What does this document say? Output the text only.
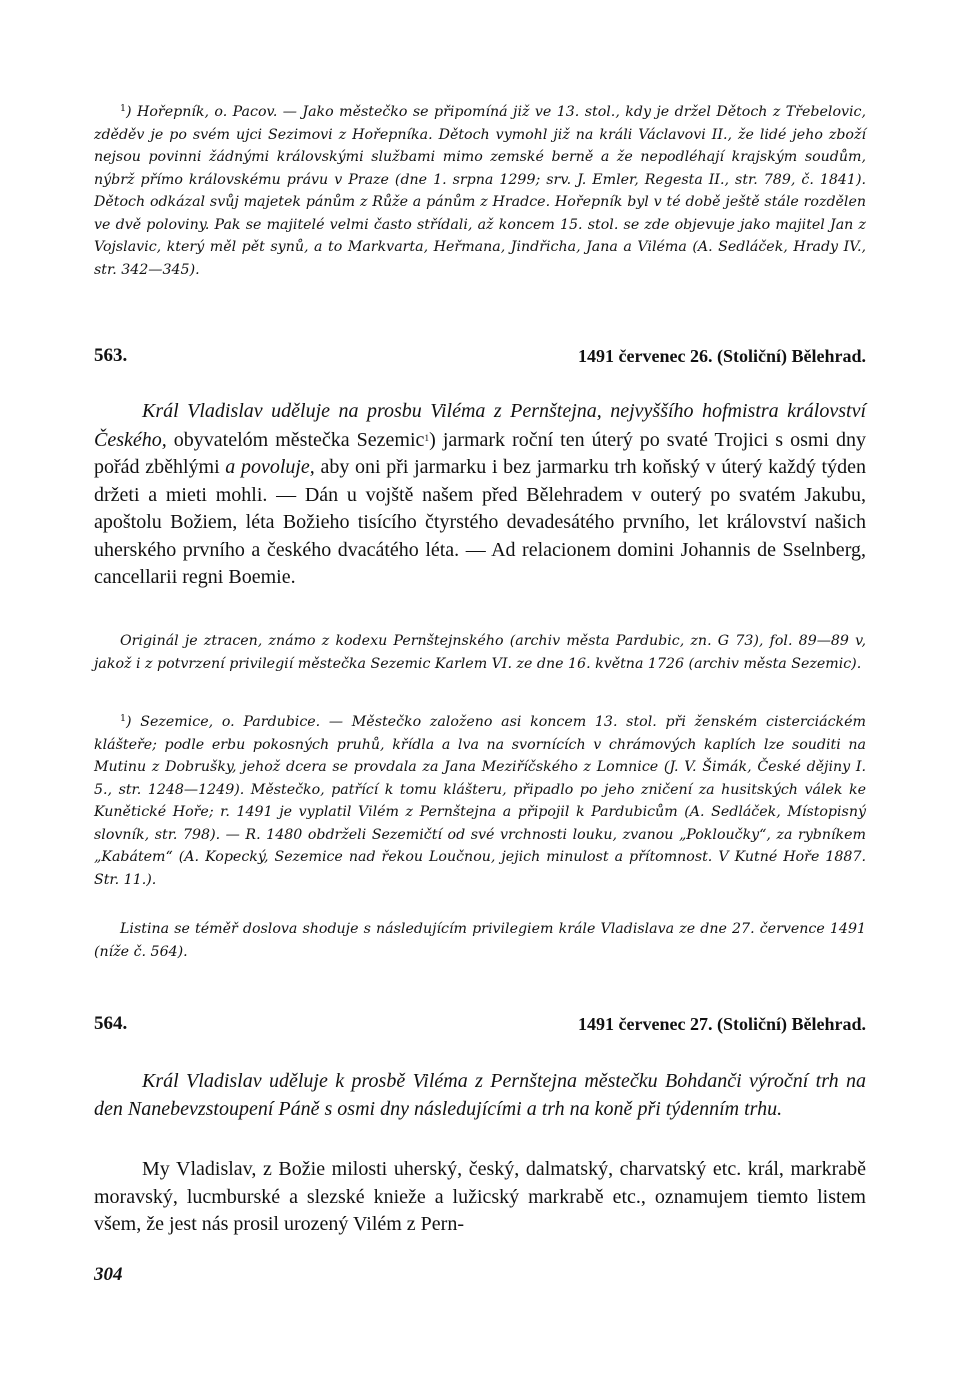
$^1$) Hořepník, o. Pacov. — Jako městečko se připomíná již ve 13. stol., kdy je držel Dětoch z Třebelovic, zděděv je po svém ujci Sezimovi z Hořepníka. Dětoch vymohl již na králi Václavovi II., že lidé jeho zboží nejsou povinni žádnými královskými službami mimo zemské berně a že nepodléhají krajským soudům, nýbrž přímo královskému právu v Praze (dne 1. srpna 1299; srv. J. Emler, Regesta II., str. 789, č. 1841). Dětoch odkázal svůj majetek pánům z Růže a pánům z Hradce. Hořepník byl v té době ještě stále rozdělen ve dvě poloviny. Pak se majitelé velmi často střídali, až koncem 15. stol. se zde objevuje jako majitel Jan z Vojslavic, který měl pět synů, a to Markvarta, Heřmana, Jindřicha, Jana a Viléma (A. Sedláček, Hrady IV., str. 342—345).

563.	1491 červenec 26. (Stoliční) Bělehrad.

Král Vladislav uděluje na prosbu Viléma z Pernštejna, nejvyššího hofmistra království Českého, obyvatelóm městečka Sezemic$^1$) jarmark roční ten úterý po svaté Trojici s osmi dny pořád zběhlými a povoluje, aby oni při jarmarku i bez jarmarku trh koňský v úterý každý týden držeti a mieti mohli. — Dán u vojště našem před Bělehradem v outerý po svatém Jakubu, apoštolu Božiem, léta Božieho tisícího čtyrstého devadesátého prvního, let království našich uherského prvního a českého dvacátého léta. — Ad relacionem domini Johannis de Sselnberg, cancellarii regni Boemie.

Originál je ztracen, známo z kodexu Pernštejnského (archiv města Pardubic, zn. G 73), fol. 89—89 v, jakož i z potvrzení privilegií městečka Sezemic Karlem VI. ze dne 16. května 1726 (archiv města Sezemic).

$^1$) Sezemice, o. Pardubice. — Městečko založeno asi koncem 13. stol. při ženském cisterciáckém klášteře; podle erbu pokosných pruhů, křídla a lva na svornících v chrámových kaplích lze souditi na Mutinu z Dobrušky, jehož dcera se provdala za Jana Meziříčského z Lomnice (J. V. Šimák, České dějiny I. 5., str. 1248—1249). Městečko, patřící k tomu klášteru, připadlo po jeho zničení za husitských válek ke Kunětické Hoře; r. 1491 je vyplatil Vilém z Pernštejna a připojil k Pardubicům (A. Sedláček, Místopisný slovník, str. 798). — R. 1480 obdrželi Sezemičtí od své vrchnosti louku, zvanou „Pokloučky“, za rybníkem „Kabátem“ (A. Kopecký, Sezemice nad řekou Loučnou, jejich minulost a přítomnost. V Kutné Hoře 1887. Str. 11.).

Listina se téměř doslova shoduje s následujícím privilegiem krále Vladislava ze dne 27. července 1491 (níže č. 564).

564.	1491 červenec 27. (Stoliční) Bělehrad.

Král Vladislav uděluje k prosbě Viléma z Pernštejna městečku Bohdanči výroční trh na den Nanebevzstoupení Páně s osmi dny následujícími a trh na koně při týdenním trhu.

My Vladislav, z Božie milosti uherský, český, dalmatský, charvatský etc. král, markrabě moravský, lucmburské a slezské knieže a lužicský markrabě etc., oznamujem tiemto listem všem, že jest nás prosil urozený Vilém z Pern-

304
